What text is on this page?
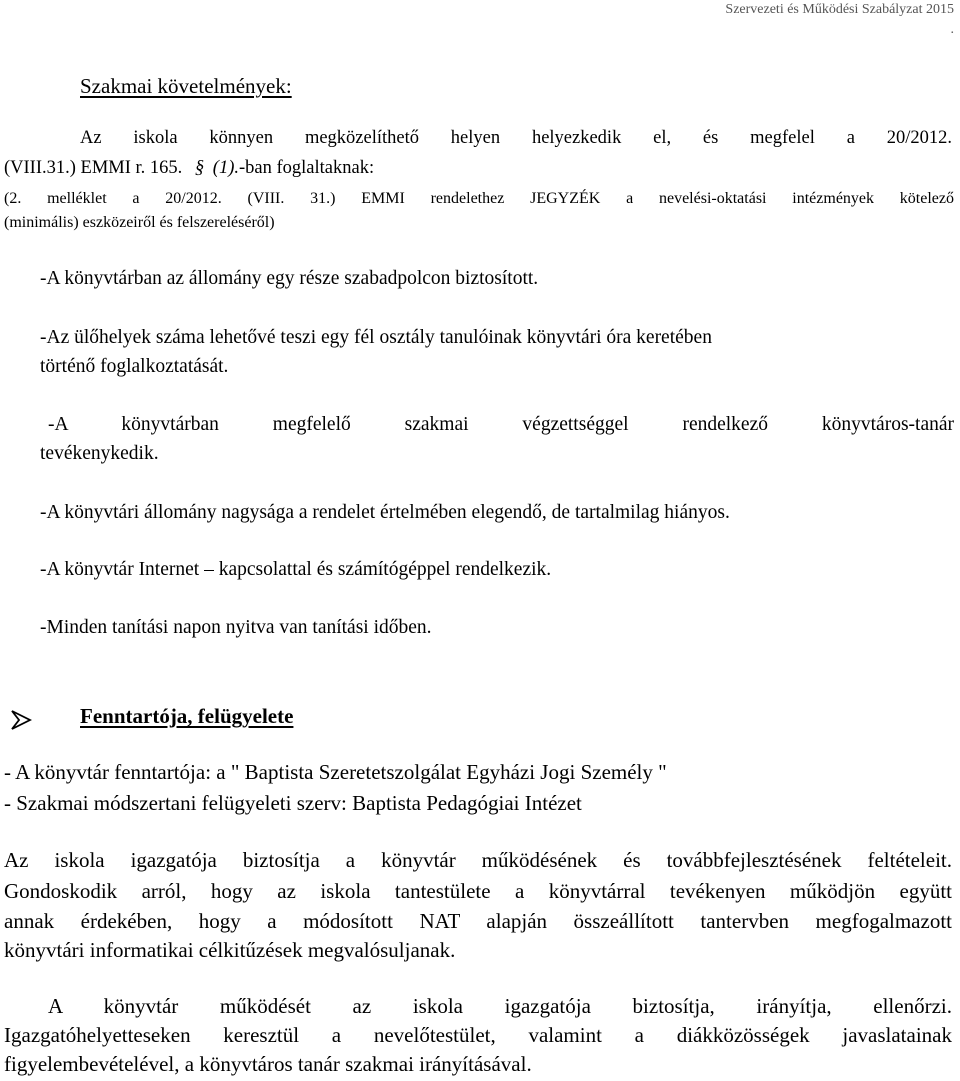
Szervezeti és Működési Szabályzat 2015
.
Szakmai követelmények:
Az iskola könnyen megközelíthető helyen helyezkedik el, és megfelel a 20/2012.
(VIII.31.) EMMI r. 165. § (1).-ban foglaltaknak:
(2. melléklet a 20/2012. (VIII. 31.) EMMI rendelethez JEGYZÉK a nevelési-oktatási intézmények kötelező
(minimális) eszközeiről és felszereléséről)
-A könyvtárban az állomány egy része szabadpolcon biztosított.
-Az ülőhelyek száma lehetővé teszi egy fél osztály tanulóinak könyvtári óra keretében
történő foglalkoztatását.
-A könyvtárban megfelelő szakmai végzettséggel rendelkező könyvtáros-tanár
tevékenykedik.
-A könyvtári állomány nagysága a rendelet értelmében elegendő, de tartalmilag hiányos.
-A könyvtár Internet – kapcsolattal és számítógéppel rendelkezik.
-Minden tanítási napon nyitva van tanítási időben.
Fenntartója, felügyelete
- A könyvtár fenntartója: a " Baptista Szeretetszolgálat Egyházi Jogi Személy "
- Szakmai módszertani felügyeleti szerv: Baptista Pedagógiai Intézet
Az iskola igazgatója biztosítja a könyvtár működésének és továbbfejlesztésének feltételeit.
Gondoskodik arról, hogy az iskola tantestülete a könyvtárral tevékenyen működjön együtt
annak érdekében, hogy a módosított NAT alapján összeállított tantervben megfogalmazott
könyvtári informatikai célkitűzések megvalósuljanak.
A könyvtár működését az iskola igazgatója biztosítja, irányítja, ellenőrzi.
Igazgatóhelyetteseken keresztül a nevelőtestület, valamint a diákközösségek javaslatainak
figyelembevételével, a könyvtáros tanár szakmai irányításával.
